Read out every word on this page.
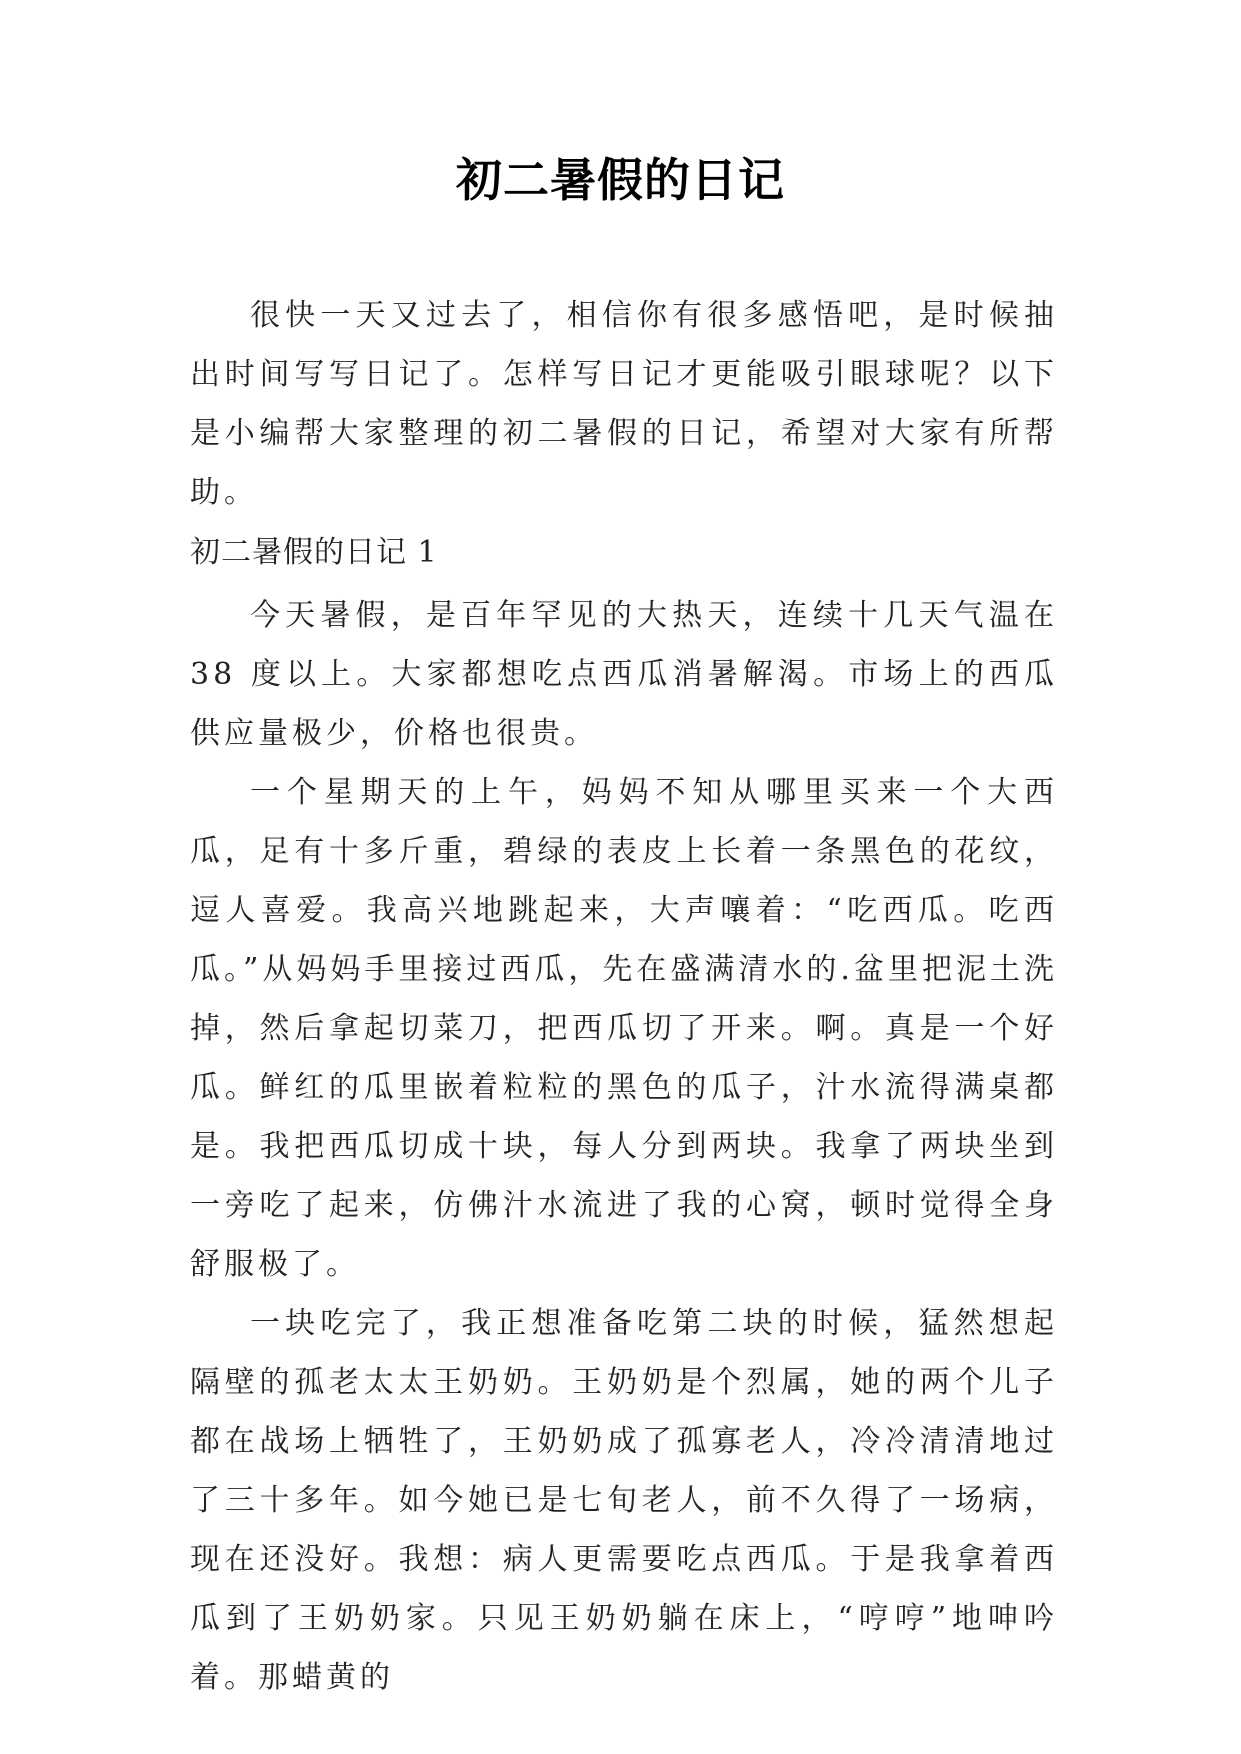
初二暑假的日记

很快一天又过去了，相信你有很多感悟吧，是时候抽出时间写写日记了。怎样写日记才更能吸引眼球呢？以下是小编帮大家整理的初二暑假的日记，希望对大家有所帮助。

初二暑假的日记 1

今天暑假，是百年罕见的大热天，连续十几天气温在 38 度以上。大家都想吃点西瓜消暑解渴。市场上的西瓜供应量极少，价格也很贵。

一个星期天的上午，妈妈不知从哪里买来一个大西瓜，足有十多斤重，碧绿的表皮上长着一条黑色的花纹，逗人喜爱。我高兴地跳起来，大声嚷着：“吃西瓜。吃西瓜。”从妈妈手里接过西瓜，先在盛满清水的.盆里把泥土洗掉，然后拿起切菜刀，把西瓜切了开来。啊。真是一个好瓜。鲜红的瓜里嵌着粒粒的黑色的瓜子，汁水流得满桌都是。我把西瓜切成十块，每人分到两块。我拿了两块坐到一旁吃了起来，仿佛汁水流进了我的心窝，顿时觉得全身舒服极了。

一块吃完了，我正想准备吃第二块的时候，猛然想起隔壁的孤老太太王奶奶。王奶奶是个烈属，她的两个儿子都在战场上牺牲了，王奶奶成了孤寡老人，冷冷清清地过了三十多年。如今她已是七旬老人，前不久得了一场病，现在还没好。我想：病人更需要吃点西瓜。于是我拿着西瓜到了王奶奶家。只见王奶奶躺在床上，“哼哼”地呻吟着。那蜡黄的
